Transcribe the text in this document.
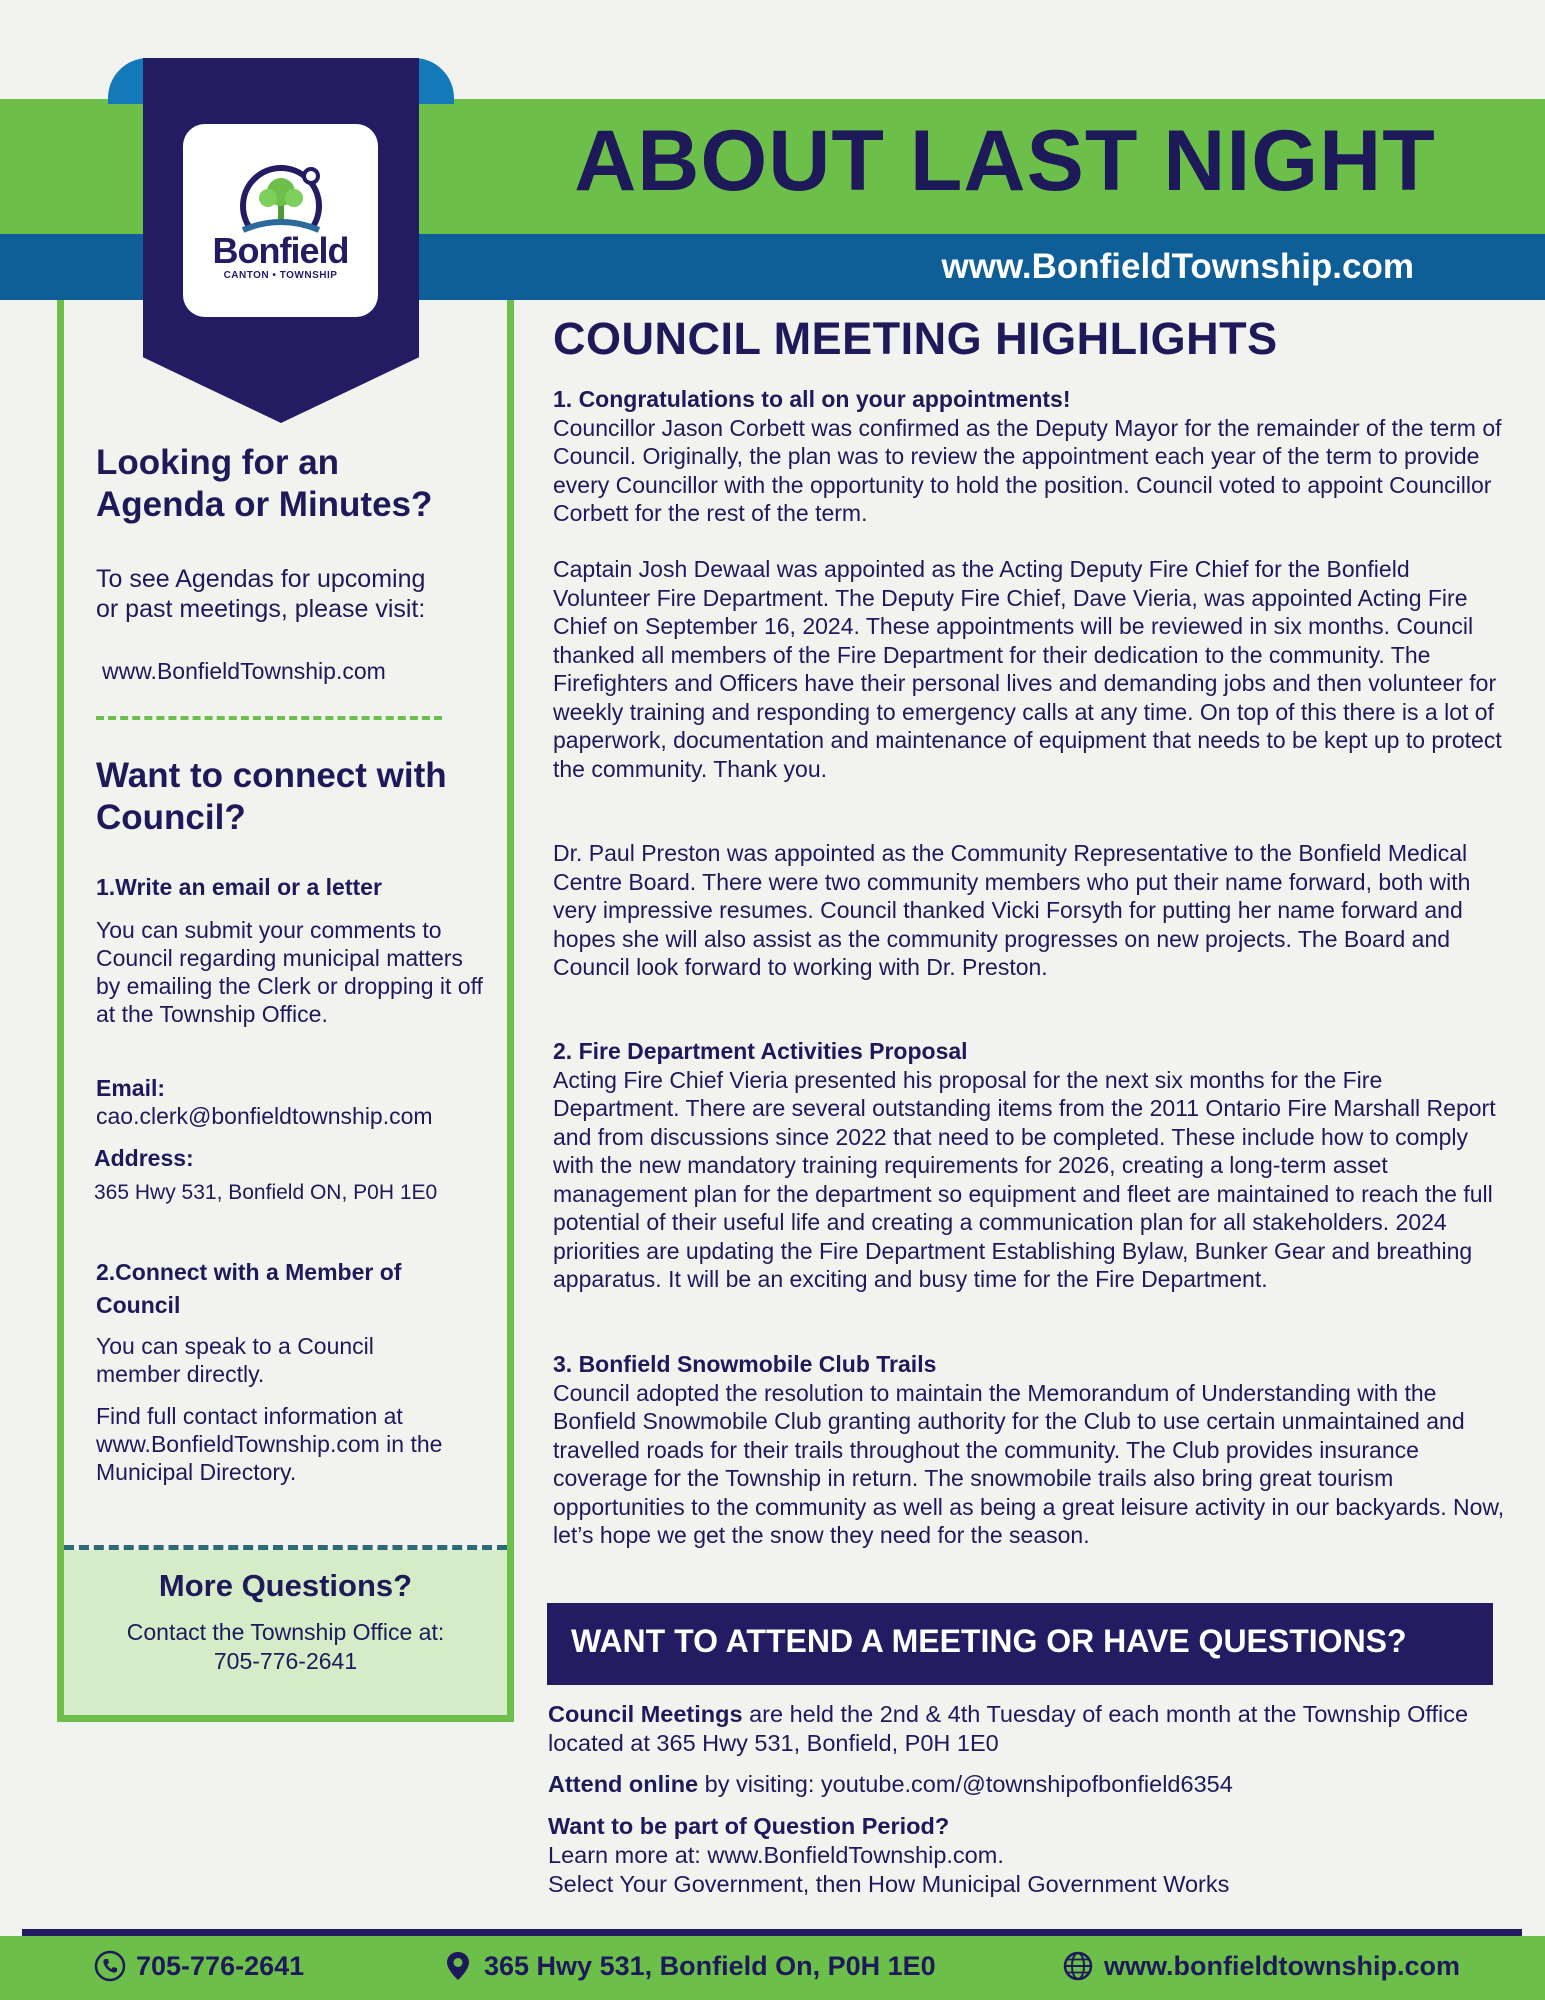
ABOUT LAST NIGHT
www.BonfieldTownship.com
Bonfield
CANTON • TOWNSHIP
Looking for an
Agenda or Minutes?
To see Agendas for upcoming
or past meetings, please visit:
www.BonfieldTownship.com
Want to connect with
Council?
1.Write an email or a letter
You can submit your comments to Council regarding municipal matters by emailing the Clerk or dropping it off at the Township Office.
Email:
cao.clerk@bonfieldtownship.com
Address:
365 Hwy 531, Bonfield ON, P0H 1E0
2.Connect with a Member of
Council
You can speak to a Council member directly.
Find full contact information at www.BonfieldTownship.com in the Municipal Directory.
More Questions?
Contact the Township Office at:
705-776-2641
COUNCIL MEETING HIGHLIGHTS
1. Congratulations to all on your appointments!
Councillor Jason Corbett was confirmed as the Deputy Mayor for the remainder of the term of Council. Originally, the plan was to review the appointment each year of the term to provide every Councillor with the opportunity to hold the position. Council voted to appoint Councillor Corbett for the rest of the term.
Captain Josh Dewaal was appointed as the Acting Deputy Fire Chief for the Bonfield Volunteer Fire Department. The Deputy Fire Chief, Dave Vieria, was appointed Acting Fire Chief on September 16, 2024. These appointments will be reviewed in six months. Council thanked all members of the Fire Department for their dedication to the community. The Firefighters and Officers have their personal lives and demanding jobs and then volunteer for weekly training and responding to emergency calls at any time. On top of this there is a lot of paperwork, documentation and maintenance of equipment that needs to be kept up to protect the community. Thank you.
Dr. Paul Preston was appointed as the Community Representative to the Bonfield Medical Centre Board. There were two community members who put their name forward, both with very impressive resumes. Council thanked Vicki Forsyth for putting her name forward and hopes she will also assist as the community progresses on new projects. The Board and Council look forward to working with Dr. Preston.
2. Fire Department Activities Proposal
Acting Fire Chief Vieria presented his proposal for the next six months for the Fire Department. There are several outstanding items from the 2011 Ontario Fire Marshall Report and from discussions since 2022 that need to be completed. These include how to comply with the new mandatory training requirements for 2026, creating a long-term asset management plan for the department so equipment and fleet are maintained to reach the full potential of their useful life and creating a communication plan for all stakeholders. 2024 priorities are updating the Fire Department Establishing Bylaw, Bunker Gear and breathing apparatus. It will be an exciting and busy time for the Fire Department.
3. Bonfield Snowmobile Club Trails
Council adopted the resolution to maintain the Memorandum of Understanding with the Bonfield Snowmobile Club granting authority for the Club to use certain unmaintained and travelled roads for their trails throughout the community. The Club provides insurance coverage for the Township in return. The snowmobile trails also bring great tourism opportunities to the community as well as being a great leisure activity in our backyards. Now, let’s hope we get the snow they need for the season.
WANT TO ATTEND A MEETING OR HAVE QUESTIONS?
Council Meetings are held the 2nd & 4th Tuesday of each month at the Township Office located at 365 Hwy 531, Bonfield, P0H 1E0
Attend online by visiting: youtube.com/@townshipofbonfield6354
Want to be part of Question Period?
Learn more at: www.BonfieldTownship.com.
Select Your Government, then How Municipal Government Works
705-776-2641	365 Hwy 531, Bonfield On, P0H 1E0	www.bonfieldtownship.com
